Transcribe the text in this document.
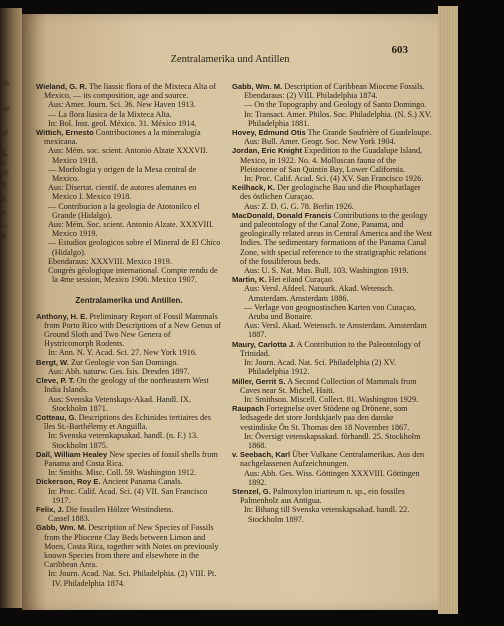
ds
ne
al
g,
o
er
ri
e.
n
o.
ß
Zentralamerika und Antillen
603
Wieland, G. R. The liassic flora of the Mixteca Alta of Mexico, — its composition, age and source.
Aus: Amer. Journ. Sci. 36. New Haven 1913.
— La flora liasica de la Mixteca Alta.
In: Bol. Inst. geol. México. 31. México 1914.
Wittich, Ernesto Contribuciones a la mineralogía mexicana.
Aus: Mém. soc. scient. Antonio Alzate XXXVII. Mexico 1918.
— Morfologia y origen de la Mesa central de Mexico.
Aus: Disertat. cientif. de autores alemanes en Mexico I. Mexico 1918.
— Contribucion a la geologia de Atotonilco el Grande (Hidalgo).
Aus: Mém. Soc. scient. Antonio Alzate. XXXVIII. Mexico 1919.
— Estudios geologicos sobre el Mineral de El Chico (Hidalgo).
Ebendaraus: XXXVIII. Mexico 1919.
Congrès géologique international. Compte rendu de la 4me session, Mexico 1906. Mexico 1907.
Zentralamerika und Antillen.
Anthony, H. E. Preliminary Report of Fossil Mammals from Porto Rico with Descriptions of a New Genus of Ground Sloth and Two New Genera of Hystricomorph Rodents.
In: Ann. N. Y. Acad. Sci. 27. New York 1916.
Bergt, W. Zur Geologie von San Domingo.
Aus: Abh. naturw. Ges. Isis. Dresden 1897.
Cleve, P. T. On the geology of the northeastern West India Islands.
Aus: Svenska Vetenskaps-Akad. Handl. IX. Stockholm 1871.
Cotteau, G. Descriptions des Echinides tertiaires des îles St.-Barthélemy et Anguilla.
In: Svenska vetenskapsakad. handl. (n. F.) 13. Stockholm 1875.
Dall, William Healey New species of fossil shells from Panama and Costa Rica.
In: Smiths. Misc. Coll. 59. Washington 1912.
Dickerson, Roy E. Ancient Panama Canals.
In: Proc. Calif. Acad. Sci. (4) VII. San Francisco 1917.
Felix, J. Die fossilen Hölzer Westindiens.
Cassel 1883.
Gabb, Wm. M. Description of New Species of Fossils from the Pliocene Clay Beds between Limon and Moen, Costa Rica, together with Notes on previously known Species from there and elsewhere in the Caribbean Area.
In: Journ. Acad. Nat. Sci. Philadelphia. (2) VIII. Pt. IV. Philadelphia 1874.
Gabb, Wm. M. Description of Caribbean Miocene Fossils.
Ebendaraus: (2) VIII. Philadelphia 1874.
— On the Topography and Geology of Santo Domingo.
In: Transact. Amer. Philos. Soc. Philadelphia. (N. S.) XV. Philadelphia 1881.
Hovey, Edmund Otis The Grande Soufrière of Guadeloupe.
Aus: Bull. Amer. Geogr. Soc. New York 1904.
Jordan, Eric Knight Expedition to the Guadalupe Island, Mexico, in 1922. No. 4. Molluscan fauna of the Pleistocene of San Quintin Bay, Lower California.
In: Proc. Calif. Acad. Sci. (4) XV. San Francisco 1926.
Keilhack, K. Der geologische Bau und die Phosphatlager des östlichen Curaçao.
Aus: Z. D. G. G. 78. Berlin 1926.
MacDonald, Donald Francis Contributions to the geology and paleontology of the Canal Zone, Panama, and geologically related areas in Central America and the West Indies. The sedimentary formations of the Panama Canal Zone, with special reference to the stratigraphic relations of the fossiliferous beds.
Aus: U. S. Nat. Mus. Bull. 103. Washington 1919.
Martin, K. Het eiland Curaçao.
Aus: Versl. Afdeel. Natuurk. Akad. Wetensch. Amsterdam. Amsterdam 1886.
— Verlage von geognostischen Karten von Curaçao, Aruba und Bonaire.
Aus: Versl. Akad. Wetensch. te Amsterdam. Amsterdam 1887.
Maury, Carlotta J. A Contribution to the Paleontology of Trinidad.
In: Journ. Acad. Nat. Sci. Philadelphia (2) XV. Philadelphia 1912.
Miller, Gerrit S. A Second Collection of Mammals from Caves near St. Michel, Haiti.
In: Smithson. Miscell. Collect. 81. Washington 1929.
Raupach Fortegnelse over Stödene og Drönene, som ledsagede det store Jordskjaelv paa den danske vestindiske Ön St. Thomas den 18 November 1867.
In: Översigt vetenskapsakad. förhandl. 25. Stockholm 1868.
v. Seebach, Karl Über Vulkane Centralamerikas. Aus den nachgelassenen Aufzeichnungen.
Aus: Abh. Ges. Wiss. Göttingen XXXVIII. Göttingen 1892.
Stenzel, G. Palmoxylon iriarteum n. sp., ein fossiles Palmenholz aus Antigua.
In: Bihang till Svenska vetenskapsakad. handl. 22. Stockholm 1897.
